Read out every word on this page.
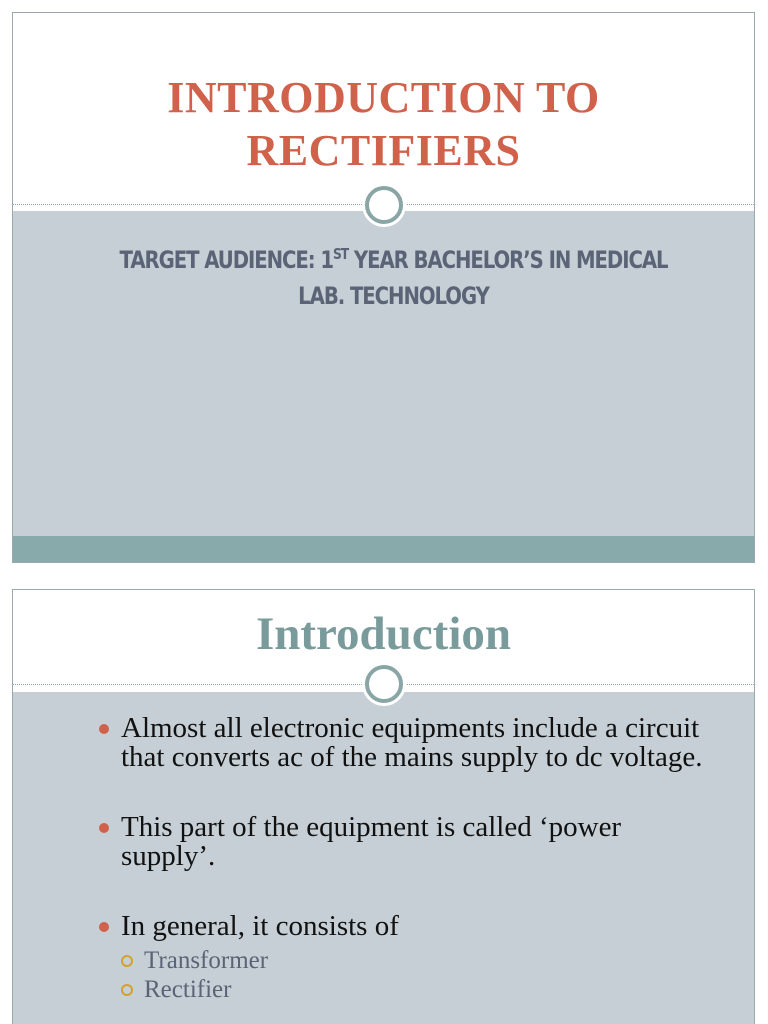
INTRODUCTION TO RECTIFIERS
TARGET AUDIENCE: 1ST YEAR BACHELOR’S IN MEDICAL LAB. TECHNOLOGY
Introduction
Almost all electronic equipments include a circuit that converts ac of the mains supply to dc voltage.
This part of the equipment is called ‘power supply’.
In general, it consists of
Transformer
Rectifier
